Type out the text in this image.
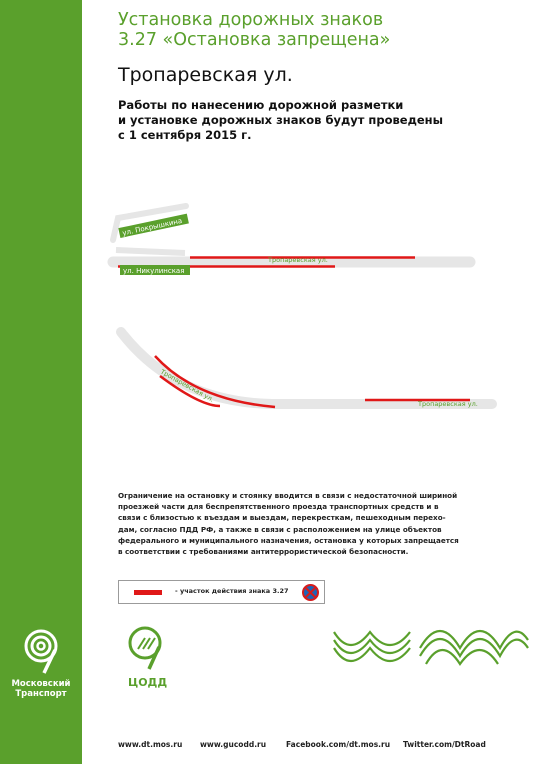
Московский
Транспорт
Установка дорожных знаков
3.27 «Остановка запрещена»
Тропаревская ул.
Работы по нанесению дорожной разметки
и установке дорожных знаков будут проведены
с 1 сентября 2015 г.
ул. Покрышкина
ул. Никулинская
Тропаревская ул.
Тропаревская ул.
Тропаревская ул.
Ограничение на остановку и стоянку вводится в связи с недостаточной шириной
проезжей части для беспрепятственного проезда транспортных средств и в
связи с близостью к въездам и выездам, перекресткам, пешеходным перехо-
дам, согласно ПДД РФ, а также в связи с расположением на улице объектов
федерального и муниципального назначения, остановка у которых запрещается
в соответствии с требованиями антитеррористической безопасности.
- участок действия знака 3.27
ЦОДД
www.dt.mos.ru www.gucodd.ru	Facebook.com/dt.mos.ru Twitter.com/DtRoad
